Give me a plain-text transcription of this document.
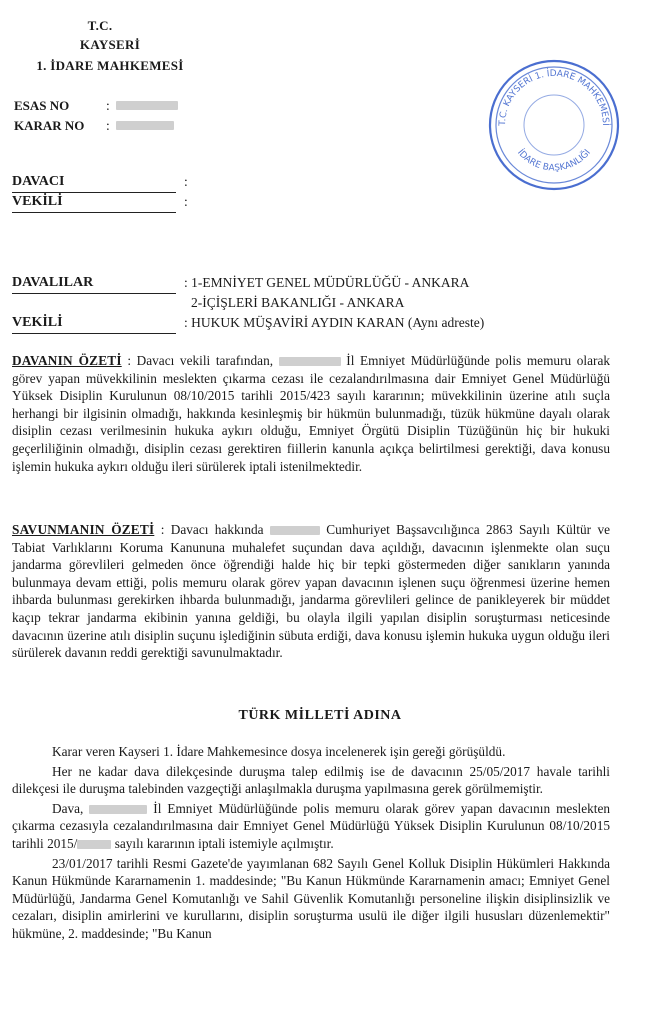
T.C.
KAYSERİ
1. İDARE MAHKEMESİ
T.C. KAYSERİ 1. İDARE MAHKEMESİ
İDARE BAŞKANLIĞI
ESAS NO	:
KARAR NO :
DAVACI	:
VEKİLİ	:
DAVALILAR	: 1-EMNİYET GENEL MÜDÜRLÜĞÜ - ANKARA
2-İÇİŞLERİ BAKANLIĞI - ANKARA
VEKİLİ	: HUKUK MÜŞAVİRİ AYDIN KARAN (Aynı adreste)
DAVANIN ÖZETİ : Davacı vekili tarafından,	İl Emniyet Müdürlüğünde polis memuru olarak görev yapan müvekkilinin meslekten çıkarma cezası ile cezalandırılmasına dair Emniyet Genel Müdürlüğü Yüksek Disiplin Kurulunun 08/10/2015 tarihli 2015/423 sayılı kararının; müvekkilinin üzerine atılı suçla herhangi bir ilgisinin olmadığı, hakkında kesinleşmiş bir hükmün bulunmadığı, tüzük hükmüne dayalı olarak disiplin cezası verilmesinin hukuka aykırı olduğu, Emniyet Örgütü Disiplin Tüzüğünün hiç bir hukuki geçerliliğinin olmadığı, disiplin cezası gerektiren fiillerin kanunla açıkça belirtilmesi gerektiği, dava konusu işlemin hukuka aykırı olduğu ileri sürülerek iptali istenilmektedir.
SAVUNMANIN ÖZETİ : Davacı hakkında	Cumhuriyet Başsavcılığınca 2863 Sayılı Kültür ve Tabiat Varlıklarını Koruma Kanununa muhalefet suçundan dava açıldığı, davacının işlenmekte olan suçu jandarma görevlileri gelmeden önce öğrendiği halde hiç bir tepki göstermeden diğer sanıkların yanında bulunmaya devam ettiği, polis memuru olarak görev yapan davacının işlenen suçu öğrenmesi üzerine hemen ihbarda bulunması gerekirken ihbarda bulunmadığı, jandarma görevlileri gelince de panikleyerek bir müddet kaçıp tekrar jandarma ekibinin yanına geldiği, bu olayla ilgili yapılan disiplin soruşturması neticesinde davacının üzerine atılı disiplin suçunu işlediğinin sübuta erdiği, dava konusu işlemin hukuka uygun olduğu ileri sürülerek davanın reddi gerektiği savunulmaktadır.
TÜRK MİLLETİ ADINA

Karar veren Kayseri 1. İdare Mahkemesince dosya incelenerek işin gereği görüşüldü.

Her ne kadar dava dilekçesinde duruşma talep edilmiş ise de davacının 25/05/2017 havale tarihli dilekçesi ile duruşma talebinden vazgeçtiği anlaşılmakla duruşma yapılmasına gerek görülmemiştir.

Dava,	İl Emniyet Müdürlüğünde polis memuru olarak görev yapan davacının meslekten çıkarma cezasıyla cezalandırılmasına dair Emniyet Genel Müdürlüğü Yüksek Disiplin Kurulunun 08/10/2015 tarihli 2015/	sayılı kararının iptali istemiyle açılmıştır.

23/01/2017 tarihli Resmi Gazete'de yayımlanan 682 Sayılı Genel Kolluk Disiplin Hükümleri Hakkında Kanun Hükmünde Kararnamenin 1. maddesinde; "Bu Kanun Hükmünde Kararnamenin amacı; Emniyet Genel Müdürlüğü, Jandarma Genel Komutanlığı ve Sahil Güvenlik Komutanlığı personeline ilişkin disiplinsizlik ve cezaları, disiplin amirlerini ve kurullarını, disiplin soruşturma usulü ile diğer ilgili hususları düzenlemektir" hükmüne, 2. maddesinde; "Bu Kanun
